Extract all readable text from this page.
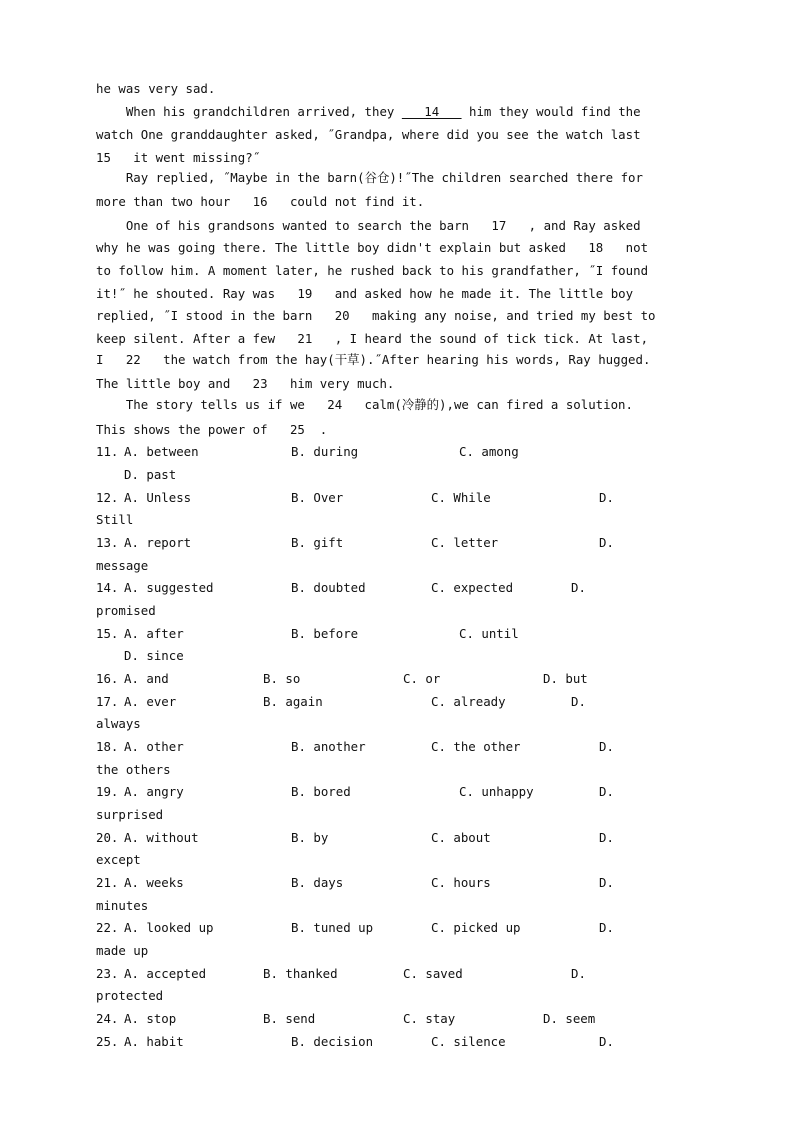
he was very sad.
When his grandchildren arrived, they    14    him they would find the
watch One granddaughter asked, ˝Grandpa, where did you see the watch last
15   it went missing?˝
Ray replied, ˝Maybe in the barn(谷仓)!˝The children searched there for
more than two hour   16   could not find it.
One of his grandsons wanted to search the barn   17   , and Ray asked
why he was going there. The little boy didn't explain but asked   18   not
to follow him. A moment later, he rushed back to his grandfather, ˝I found
it!˝ he shouted. Ray was   19   and asked how he made it. The little boy
replied, ˝I stood in the barn   20   making any noise, and tried my best to
keep silent. After a few   21   , I heard the sound of tick tick. At last,
I   22   the watch from the hay(干草).˝After hearing his words, Ray hugged.
The little boy and   23   him very much.
The story tells us if we   24   calm(冷静的),we can fired a solution.
This shows the power of   25  .
11. A. between	B. during	C. among
D. past
12. A. Unless	B. Over	C. While	D.
Still
13. A. report	B. gift	C. letter	D.
message
14. A. suggested	B. doubted	C. expected	D.
promised
15. A. after	B. before	C. until
D. since
16. A. and	B. so	C. or	D. but
17. A. ever	B. again	C. already	D.
always
18. A. other	B. another	C. the other	D.
the others
19. A. angry	B. bored	C. unhappy	D.
surprised
20. A. without	B. by	C. about	D.
except
21. A. weeks	B. days	C. hours	D.
minutes
22. A. looked up	B. tuned up	C. picked up	D.
made up
23. A. accepted	B. thanked	C. saved	D.
protected
24. A. stop	B. send	C. stay	D. seem
25. A. habit	B. decision	C. silence	D.
